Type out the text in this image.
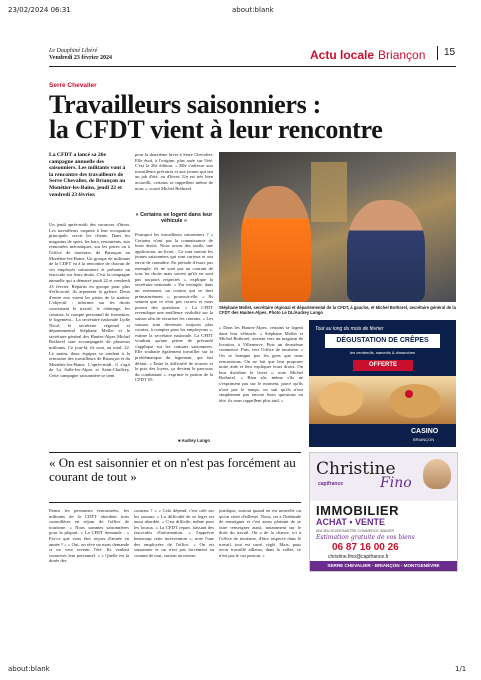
23/02/2024 06:31	about:blank
Le Dauphiné Libéré
Vendredi 23 février 2024	Actu locale Briançon 15
Serre Chevalier
Travailleurs saisonniers :
la CFDT vient à leur rencontre
La CFDT a lancé sa 26e campagne annuelle des saisonniers. Les militants vont à la rencontre des travailleurs de Serre Chevalier, de Briançon au Monêtier-les-Bains, jeudi 22 et vendredi 23 février.
Un jeudi après-midi des vacances d'hiver. Les travailleurs vaquent à leur occupation principale, servir les clients. Dans les magasins de sport, les bars, restaurants, aux remontées mécaniques, sur les pistes ou à l'office de tourisme, de Briançon au Monêtier-les-Bains. Un groupe de militants de la CDFT va à la rencontre de chacun de ces employés saisonniers et présente un fascicule sur leurs droits. C'est la campagne annuelle qui a démarré jeudi 22 et vendredi 23 février. Répartis en groupe pour plus d'efficacité, ils arpentent la galerie. Deux d'entre eux visent les pistes de la station. L'objectif : informer sur les droits concernant le travail, le chômage, les contrats, le compte personnel de formation, le logement... La secrétaire nationale Lydie Nicol, le secrétaire régional et départemental Stéphane Mollet et le secrétaire général des Hautes-Alpes Michel Bothorel sont accompagnés de plusieurs militants. Ce jour-là, ils sont, au total, 22. Le matin, deux équipes se rendent à la rencontre des travailleurs de Briançon et du Monêtier-les-Bains. L'après-midi, il s'agit de La Salle-les-Alpes et Saint-Chaffrey. Cette campagne saisonnière se tient
pour la deuxième hiver à Serre Chevalier. Elle était, à l'origine, plus axée sur l'été. C'est la 26e édition. « Elle s'adresse aux travailleurs précaires et aux jeunes qui ont un job d'été, ou d'hiver. Un est très bien accueilli, certains se rappellent même de nous », sourit Michel Bothorel.
« Certains se logent dans leur véhicule »
Pourquoi les travailleurs saisonniers ? « Certains n'ont pas la connaissance de leurs droits. Nous avons des outils, une application, un livret... Ce sont surtout les jeunes saisonniers qui sont curieux et ont envie de connaître. En période d'essai, par exemple, ils ne sont pas au courant de tous les droits mais savent qu'ils ne sont pas toujours respectés », explique la secrétaire nationale. « Par exemple, dans un restaurant, un contrat qui se finit prématurément », poursuit-elle. « Ils sentent que ce n'est pas correct et nous posent des questions. » La CFDT revendique une meilleure visibilité sur la saison afin de sécuriser les contrats. « Les saisons sont devenues toujours plus courtes, à compter pour les employeurs », estime la secrétaire nationale. La CFDT voudrait qu'une prime de précarité s'applique sur les contrats saisonniers. Elle souhaite également travailler sur la problématique du logement, qui fait défaut. « Entre la difficulté de trouver et le prix des loyers, ça devient le parcours du combattant », exprime le patron de la CFDT 05.
■ Audrey Lungo
Stéphane Mollet, secrétaire régional et départemental de la CFDT, à gauche, et Michel Bothorel, secrétaire général de la CFDT des Hautes-Alpes. Photo Le DL/Audrey Lungo
« Dans les Hautes-Alpes, certains se logent dans leur véhicule. » Stéphane Mollet et Michel Bothorel, avaient vers un magasin de location, à Villeneuve. Puis un deuxième commerce. Puis, vers l'office de tourisme. « On se branque pas les gens que nous rencontrons. On ne fait que leur proposer notre aide et leur expliquer leurs droits. On leur distribue le livret », note Michel Bothorel. « Bien sûr, même s'ils ne s'expriment pas sur le moment, parce qu'ils n'ont pas le temps, on sait qu'ils n'ont simplement pas encore leurs questions en tête, ils nous rappellent plus tard. »
Tout au long du mois de février
DÉGUSTATION DE CRÊPES
les vendredis, samedis & dimanches
OFFERTE
CASINO
BRIANÇON
« On est saisonnier et on n'est pas forcément au courant de tout »
Parmi les personnes rencontrées, les militants de la CDFT abordent trois conseillères en séjour de l'office de tourisme. « Nous sommes saisonnières pour la plupart. » La CFDT demande : « Est-ce que vous êtes reçues d'année en année ? » « Oui, on rêve un mois demande si on veut revenir l'été. Ils veulent conserver leur personnel. » « Quelle est la durée des
contrats ? » « Cela dépend, c'est calé sur les saisons. » La difficulté de se loger est aussi abordée. « C'est difficile, même pour les locaux. » La CFDT repart, laissant des fascicules d'information. « J'apprécie beaucoup cette intervention », note l'une des employées de l'office. « On est saisonnier et on n'est pas forcément au courant de tout, surtout au niveau
juridique, surtout quand on est nouvelle ou qu'on vient d'ailleurs. Nous, on a l'habitude de renseigner et c'est assez plaisant de se faire renseigner aussi, notamment sur le droit du travail. On a de la chance, ici à l'office de tourisme, d'être respecté dans le travail, tout est carré, réglé. Mais, pour avoir travaillé ailleurs, dans la vallée, ce n'est pas le cas partout. »
Christine
Fino
capifrance
IMMOBILIER
ACHAT • VENTE
ANCIEN GUIDE/MAÎTRE COMMERCE IMAGER
Estimation gratuite de vos biens
06 87 16 00 26
christine.fino@capifrance.fr
SERRE CHEVALIER - BRIANÇON - MONTGENÈVRE
about:blank	1/1
